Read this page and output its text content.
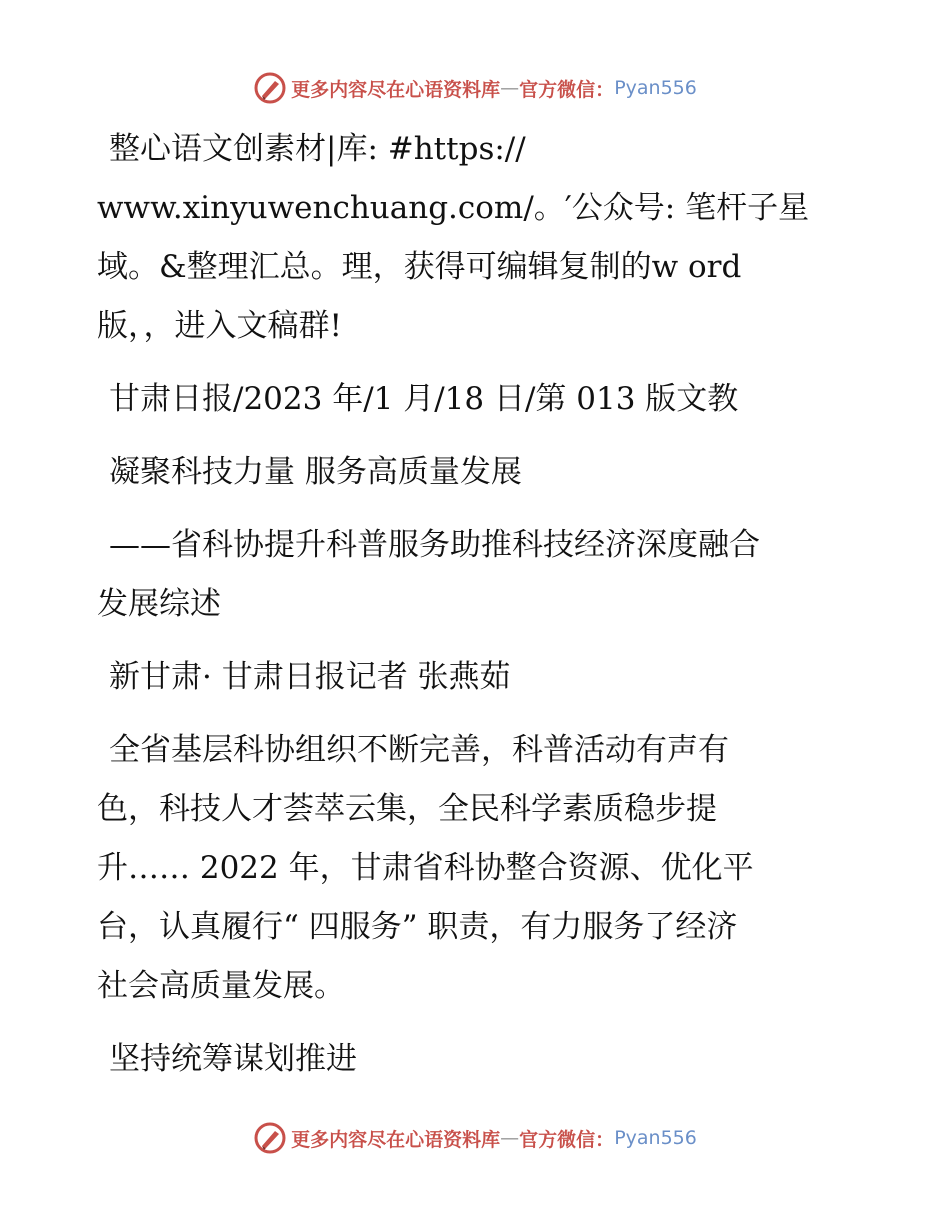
更多内容尽在心语资料库 — 官方微信： Pyan556
整心语文创素材|库: #https://
www.xinyuwenchuang.com/。′公众号: 笔杆子星
域。&整理汇总。理，获得可编辑复制的w ord
版，，进入文稿群!
甘肃日报/2023 年/1 月/18 日/第 013 版文教
凝聚科技力量 服务高质量发展
——省科协提升科普服务助推科技经济深度融合
发展综述
新甘肃· 甘肃日报记者 张燕茹
全省基层科协组织不断完善，科普活动有声有
色，科技人才荟萃云集，全民科学素质稳步提
升…… 2022 年，甘肃省科协整合资源、优化平
台，认真履行“ 四服务” 职责，有力服务了经济
社会高质量发展。
坚持统筹谋划推进
更多内容尽在心语资料库 — 官方微信： Pyan556
